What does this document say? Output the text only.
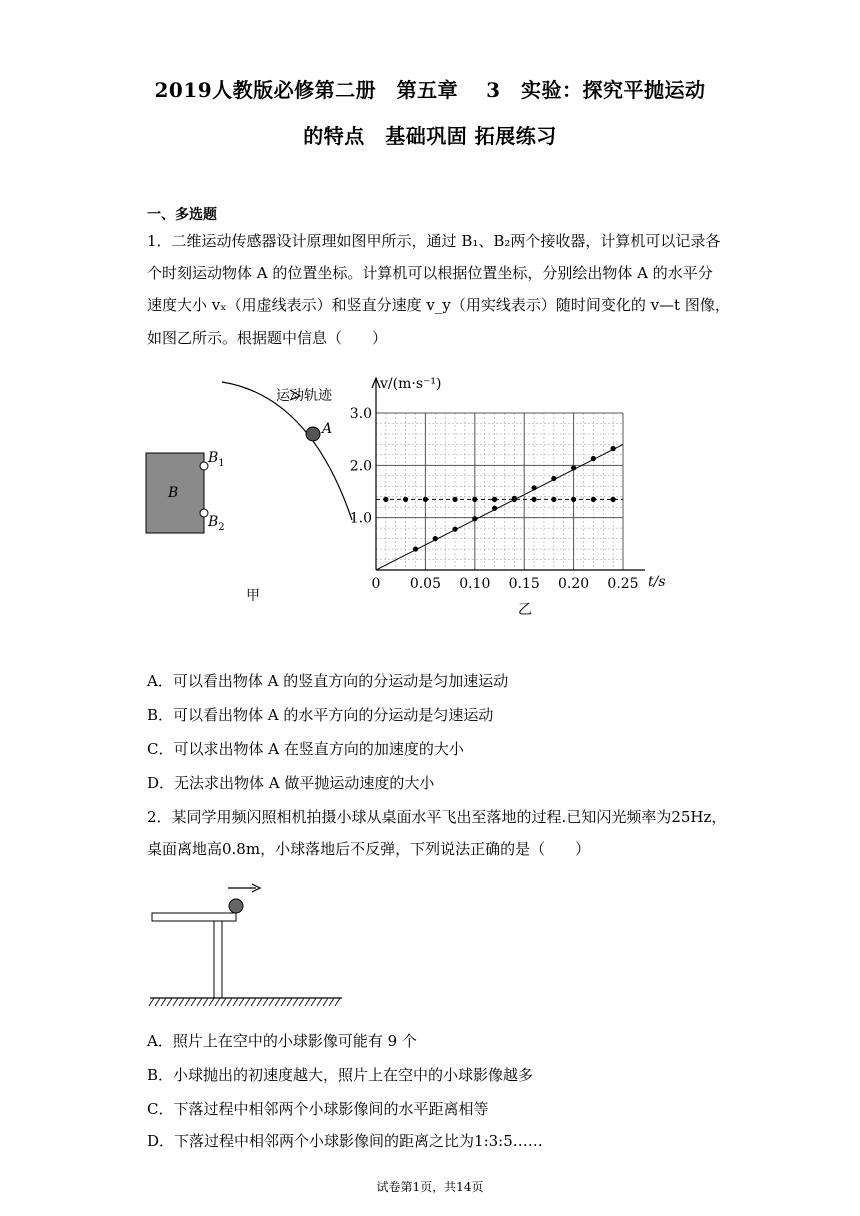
2019人教版必修第二册　第五章　 3　实验：探究平抛运动
的特点　基础巩固 拓展练习
一、多选题
1．二维运动传感器设计原理如图甲所示，通过 B₁、B₂两个接收器，计算机可以记录各
个时刻运动物体 A 的位置坐标。计算机可以根据位置坐标，分别绘出物体 A 的水平分
速度大小 vₓ（用虚线表示）和竖直分速度 v_y（用实线表示）随时间变化的 v—t 图像，
如图乙所示。根据题中信息（　　）
运动轨迹
A
B
$B_1$
$B_2$
甲
0 0.05 0.10 0.15 0.20 0.25
1.0
2.0
3.0
v/(m·s⁻¹)
t/s
乙
A．可以看出物体 A 的竖直方向的分运动是匀加速运动
B．可以看出物体 A 的水平方向的分运动是匀速运动
C．可以求出物体 A 在竖直方向的加速度的大小
D．无法求出物体 A 做平抛运动速度的大小
2．某同学用频闪照相机拍摄小球从桌面水平飞出至落地的过程.已知闪光频率为25Hz，
桌面离地高0.8m，小球落地后不反弹，下列说法正确的是（　　）
A．照片上在空中的小球影像可能有 9 个
B．小球抛出的初速度越大，照片上在空中的小球影像越多
C．下落过程中相邻两个小球影像间的水平距离相等
D．下落过程中相邻两个小球影像间的距离之比为1:3:5……
试卷第1页，共14页
